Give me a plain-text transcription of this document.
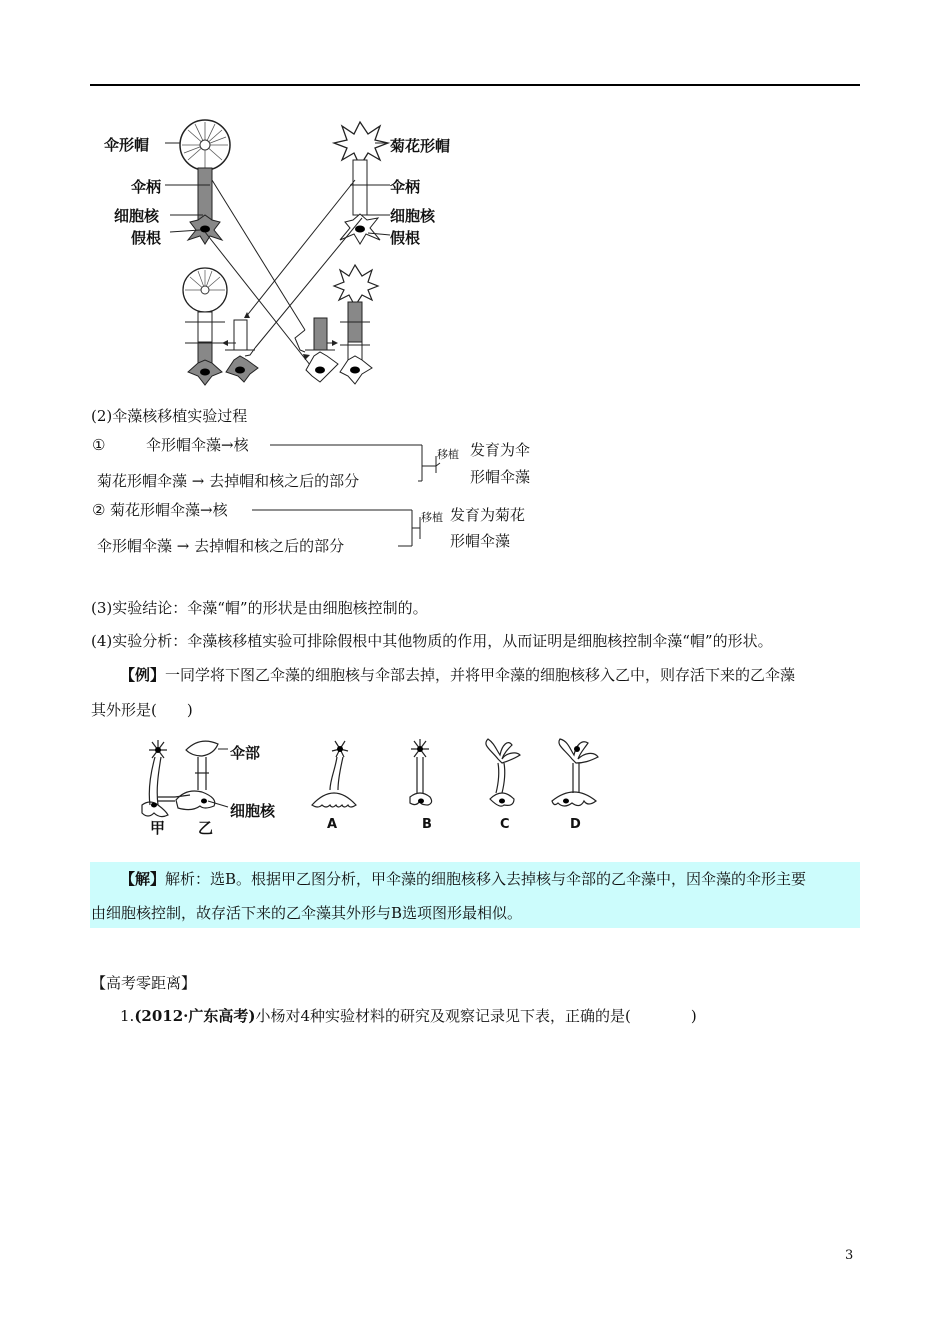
伞形帽
伞柄
细胞核
假根
菊花形帽
伞柄
细胞核
假根
(2)伞藻核移植实验过程
①	伞形帽伞藻→核
菊花形帽伞藻 → 去掉帽和核之后的部分
移植 发育为伞
形帽伞藻
② 菊花形帽伞藻→核
伞形帽伞藻 → 去掉帽和核之后的部分
移植 发育为菊花
形帽伞藻
(3)实验结论：伞藻“帽”的形状是由细胞核控制的。
(4)实验分析：伞藻核移植实验可排除假根中其他物质的作用，从而证明是细胞核控制伞藻“帽”的形状。
【例】一同学将下图乙伞藻的细胞核与伞部去掉，并将甲伞藻的细胞核移入乙中，则存活下来的乙伞藻
其外形是(　　)
伞部
细胞核
甲 乙	A	B	C	D
【解】解析：选B。根据甲乙图分析，甲伞藻的细胞核移入去掉核与伞部的乙伞藻中，因伞藻的伞形主要
由细胞核控制，故存活下来的乙伞藻其外形与B选项图形最相似。
【高考零距离】
1.(2012·广东高考)小杨对4种实验材料的研究及观察记录见下表，正确的是(　　　　)
3
